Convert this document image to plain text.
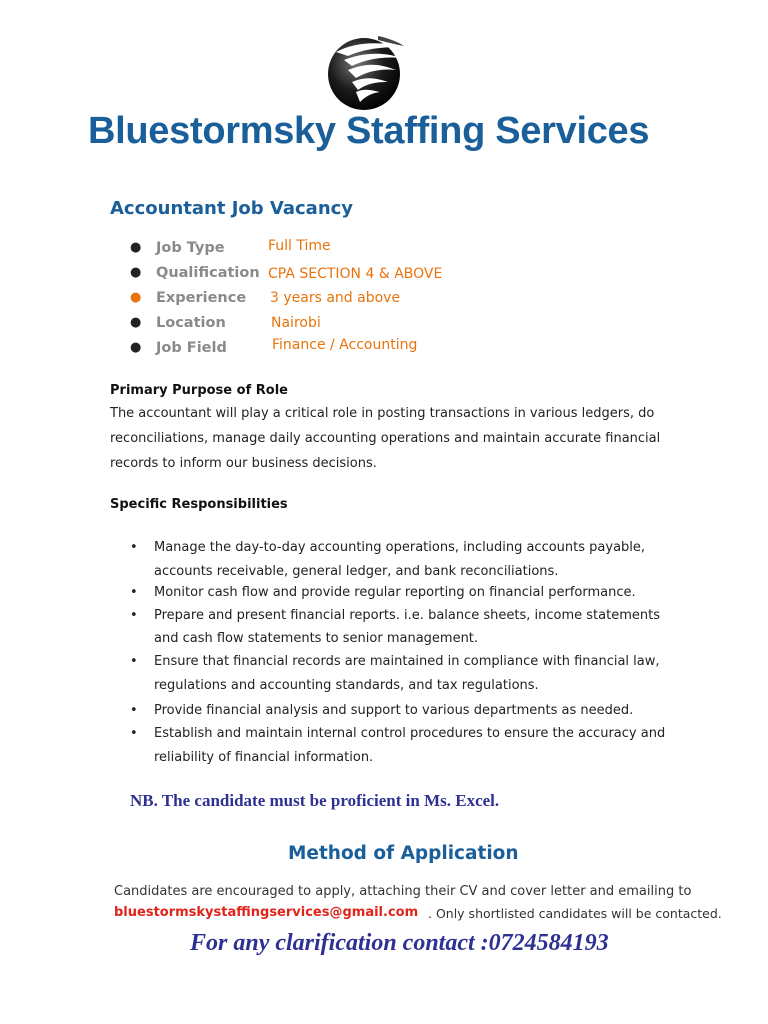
Bluestormsky Staffing Services
Accountant Job Vacancy
● Job Type	Full Time
● Qualification CPA SECTION 4 & ABOVE
● Experience 3 years and above
● Location	Nairobi
● Job Field	Finance / Accounting
Primary Purpose of Role
The accountant will play a critical role in posting transactions in various ledgers, do
reconciliations, manage daily accounting operations and maintain accurate financial
records to inform our business decisions.
Specific Responsibilities
• Manage the day-to-day accounting operations, including accounts payable,
accounts receivable, general ledger, and bank reconciliations.
• Monitor cash flow and provide regular reporting on financial performance.
• Prepare and present financial reports. i.e. balance sheets, income statements
and cash flow statements to senior management.
• Ensure that financial records are maintained in compliance with financial law,
regulations and accounting standards, and tax regulations.
• Provide financial analysis and support to various departments as needed.
• Establish and maintain internal control procedures to ensure the accuracy and
reliability of financial information.
NB. The candidate must be proficient in Ms. Excel.
Method of Application
Candidates are encouraged to apply, attaching their CV and cover letter and emailing to
bluestormskystaffingservices@gmail.com . Only shortlisted candidates will be contacted.
For any clarification contact :0724584193
